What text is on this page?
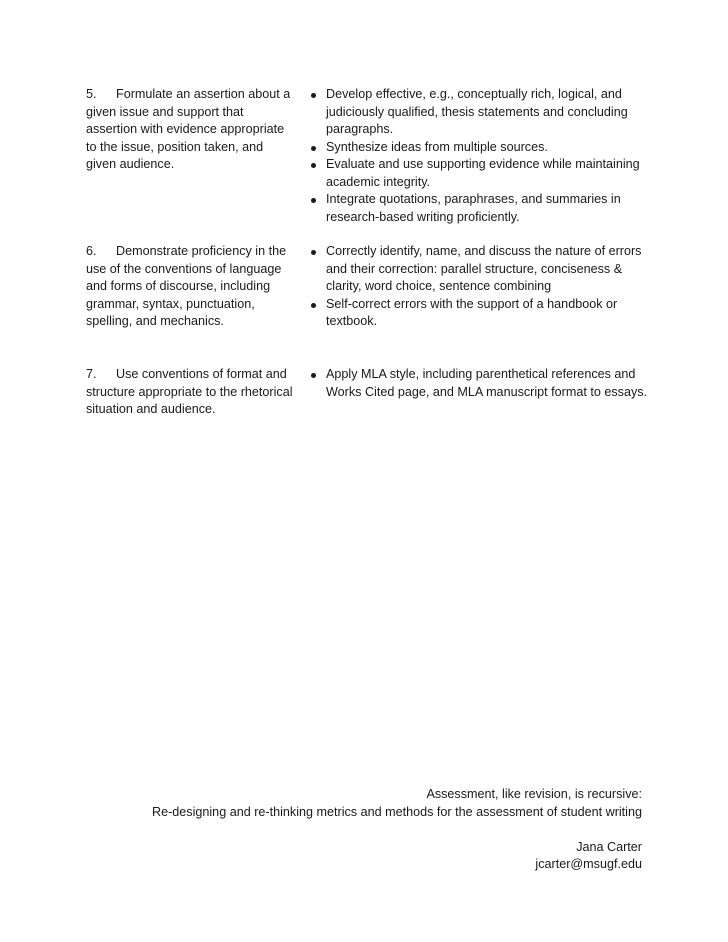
5. Formulate an assertion about a given issue and support that assertion with evidence appropriate to the issue, position taken, and given audience.
Develop effective, e.g., conceptually rich, logical, and judiciously qualified, thesis statements and concluding paragraphs.
Synthesize ideas from multiple sources.
Evaluate and use supporting evidence while maintaining academic integrity.
Integrate quotations, paraphrases, and summaries in research-based writing proficiently.
6. Demonstrate proficiency in the use of the conventions of language and forms of discourse, including grammar, syntax, punctuation, spelling, and mechanics.
Correctly identify, name, and discuss the nature of errors and their correction: parallel structure, conciseness & clarity, word choice, sentence combining
Self-correct errors with the support of a handbook or textbook.
7. Use conventions of format and structure appropriate to the rhetorical situation and audience.
Apply MLA style, including parenthetical references and Works Cited page, and MLA manuscript format to essays.
Assessment, like revision, is recursive:
Re-designing and re-thinking metrics and methods for the assessment of student writing
Jana Carter
jcarter@msugf.edu
